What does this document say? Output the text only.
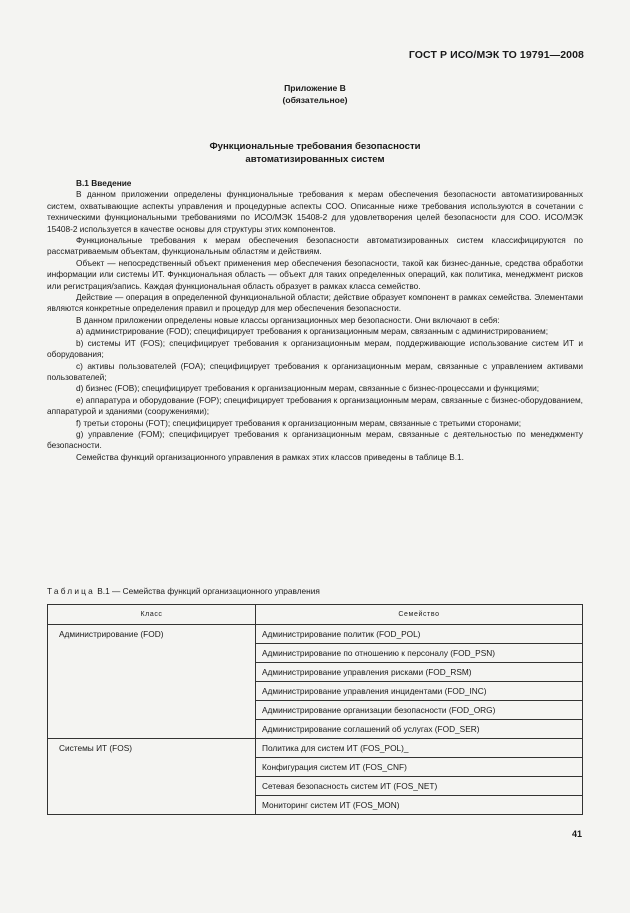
ГОСТ Р ИСО/МЭК ТО 19791—2008
Приложение В
(обязательное)
Функциональные требования безопасности
автоматизированных систем

В.1 Введение

В данном приложении определены функциональные требования к мерам обеспечения безопасности автоматизированных систем, охватывающие аспекты управления и процедурные аспекты СОО. Описанные ниже требования используются в сочетании с техническими функциональными требованиями по ИСО/МЭК 15408-2 для удовлетворения целей безопасности для СОО. ИСО/МЭК 15408-2 используется в качестве основы для структуры этих компонентов.

Функциональные требования к мерам обеспечения безопасности автоматизированных систем классифицируются по рассматриваемым объектам, функциональным областям и действиям.

Объект — непосредственный объект применения мер обеспечения безопасности, такой как бизнес-данные, средства обработки информации или системы ИТ. Функциональная область — объект для таких определенных операций, как политика, менеджмент рисков или регистрация/запись. Каждая функциональная область образует в рамках класса семейство.

Действие — операция в определенной функциональной области; действие образует компонент в рамках семейства. Элементами являются конкретные определения правил и процедур для мер обеспечения безопасности.

В данном приложении определены новые классы организационных мер безопасности. Они включают в себя:

a) администрирование (FOD); специфицирует требования к организационным мерам, связанным с администрированием;

b) системы ИТ (FOS); специфицирует требования к организационным мерам, поддерживающие использование систем ИТ и оборудования;

c) активы пользователей (FOA); специфицирует требования к организационным мерам, связанные с управлением активами пользователей;

d) бизнес (FOB); специфицирует требования к организационным мерам, связанные с бизнес-процессами и функциями;

e) аппаратура и оборудование (FOP); специфицирует требования к организационным мерам, связанные с бизнес-оборудованием, аппаратурой и зданиями (сооружениями);

f) третьи стороны (FOT); специфицирует требования к организационным мерам, связанные с третьими сторонами;

g) управление (FOM); специфицирует требования к организационным мерам, связанные с деятельностью по менеджменту безопасности.

Семейства функций организационного управления в рамках этих классов приведены в таблице В.1.

Таблица В.1 — Семейства функций организационного управления
Класс	Семейство
Администрирование (FOD)	Администрирование политик (FOD_POL)
	Администрирование по отношению к персоналу (FOD_PSN)
	Администрирование управления рисками (FOD_RSM)
	Администрирование управления инцидентами (FOD_INC)
	Администрирование организации безопасности (FOD_ORG)
	Администрирование соглашений об услугах (FOD_SER)
Системы ИТ (FOS)	Политика для систем ИТ (FOS_POL)_
	Конфигурация систем ИТ (FOS_CNF)
	Сетевая безопасность систем ИТ (FOS_NET)
	Мониторинг систем ИТ (FOS_MON)
41
